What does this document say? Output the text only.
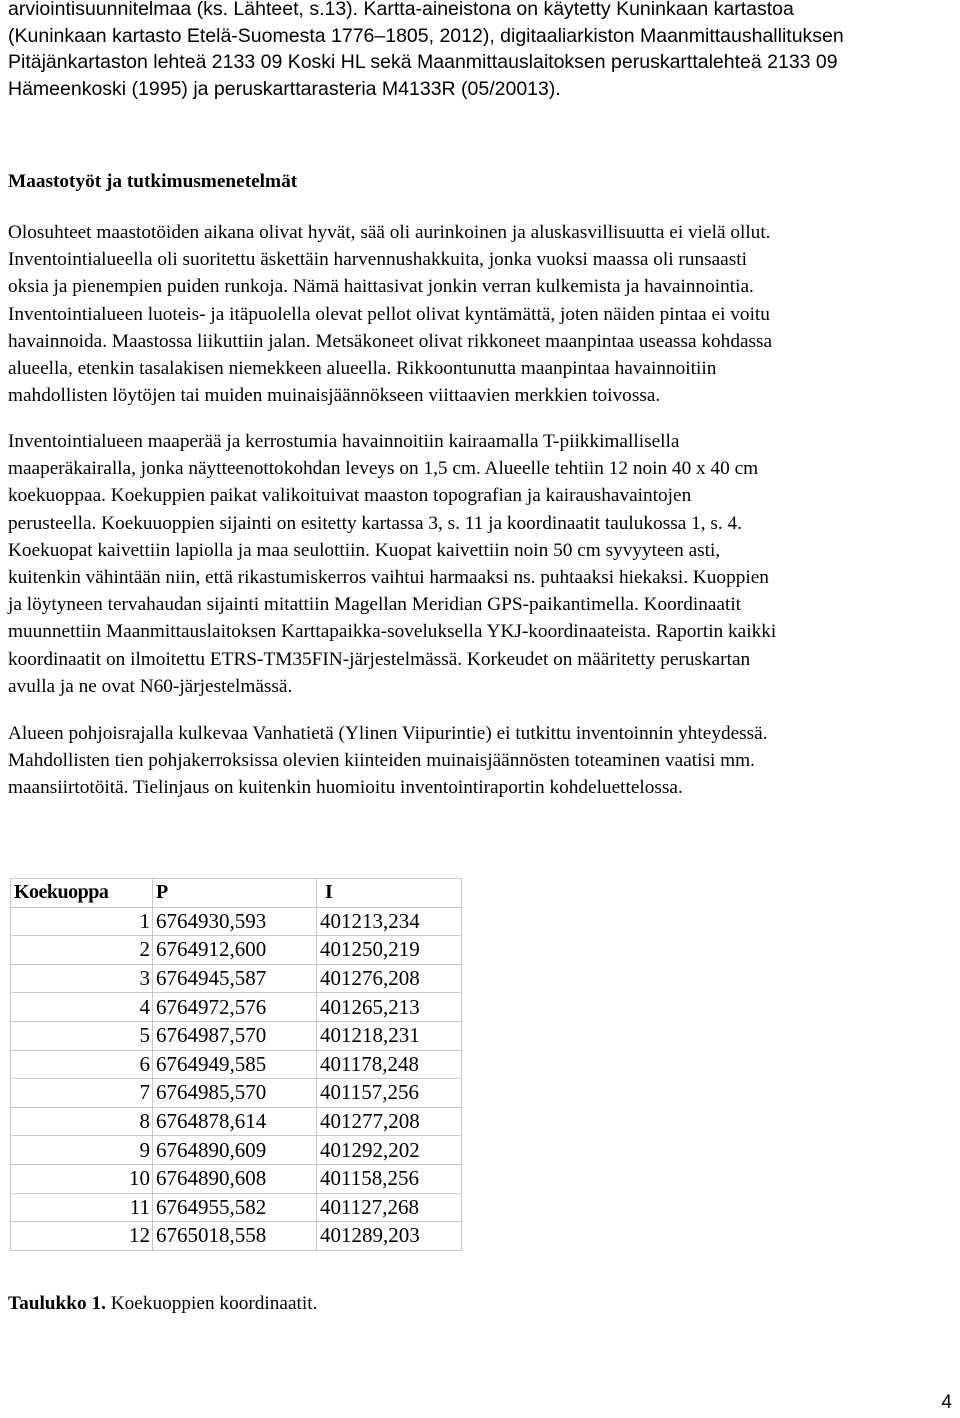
arviointisuunnitelmaa (ks. Lähteet, s.13). Kartta-aineistona on käytetty Kuninkaan kartastoa
(Kuninkaan kartasto Etelä-Suomesta 1776–1805, 2012), digitaaliarkiston Maanmittaushallituksen
Pitäjänkartaston lehteä 2133 09 Koski HL sekä Maanmittauslaitoksen peruskarttalehteä 2133 09
Hämeenkoski (1995) ja peruskarttarasteria M4133R (05/20013).

Maastotyöt ja tutkimusmenetelmät

Olosuhteet maastotöiden aikana olivat hyvät, sää oli aurinkoinen ja aluskasvillisuutta ei vielä ollut.
Inventointialueella oli suoritettu äskettäin harvennushakkuita, jonka vuoksi maassa oli runsaasti
oksia ja pienempien puiden runkoja. Nämä haittasivat jonkin verran kulkemista ja havainnointia.
Inventointialueen luoteis- ja itäpuolella olevat pellot olivat kyntämättä, joten näiden pintaa ei voitu
havainnoida. Maastossa liikuttiin jalan. Metsäkoneet olivat rikkoneet maanpintaa useassa kohdassa
alueella, etenkin tasalakisen niemekkeen alueella. Rikkoontunutta maanpintaa havainnoitiin
mahdollisten löytöjen tai muiden muinaisjäännökseen viittaavien merkkien toivossa.

Inventointialueen maaperää ja kerrostumia havainnoitiin kairaamalla T-piikkimallisella
maaperäkairalla, jonka näytteenottokohdan leveys on 1,5 cm. Alueelle tehtiin 12 noin 40 x 40 cm
koekuoppaa. Koekuppien paikat valikoituivat maaston topografian ja kairaushavaintojen
perusteella. Koekuuoppien sijainti on esitetty kartassa 3, s. 11 ja koordinaatit taulukossa 1, s. 4.
Koekuopat kaivettiin lapiolla ja maa seulottiin. Kuopat kaivettiin noin 50 cm syvyyteen asti,
kuitenkin vähintään niin, että rikastumiskerros vaihtui harmaaksi ns. puhtaaksi hiekaksi. Kuoppien
ja löytyneen tervahaudan sijainti mitattiin Magellan Meridian GPS-paikantimella. Koordinaatit
muunnettiin Maanmittauslaitoksen Karttapaikka-soveluksella YKJ-koordinaateista. Raportin kaikki
koordinaatit on ilmoitettu ETRS-TM35FIN-järjestelmässä. Korkeudet on määritetty peruskartan
avulla ja ne ovat N60-järjestelmässä.

Alueen pohjoisrajalla kulkevaa Vanhatietä (Ylinen Viipurintie) ei tutkittu inventoinnin yhteydessä.
Mahdollisten tien pohjakerroksissa olevien kiinteiden muinaisjäännösten toteaminen vaatisi mm.
maansiirtotöitä. Tielinjaus on kuitenkin huomioitu inventointiraportin kohdeluettelossa.

Koekuoppa	P	I
1	6764930,593	401213,234
2	6764912,600	401250,219
3	6764945,587	401276,208
4	6764972,576	401265,213
5	6764987,570	401218,231
6	6764949,585	401178,248
7	6764985,570	401157,256
8	6764878,614	401277,208
9	6764890,609	401292,202
10	6764890,608	401158,256
11	6764955,582	401127,268
12	6765018,558	401289,203

Taulukko 1. Koekuoppien koordinaatit.

4
